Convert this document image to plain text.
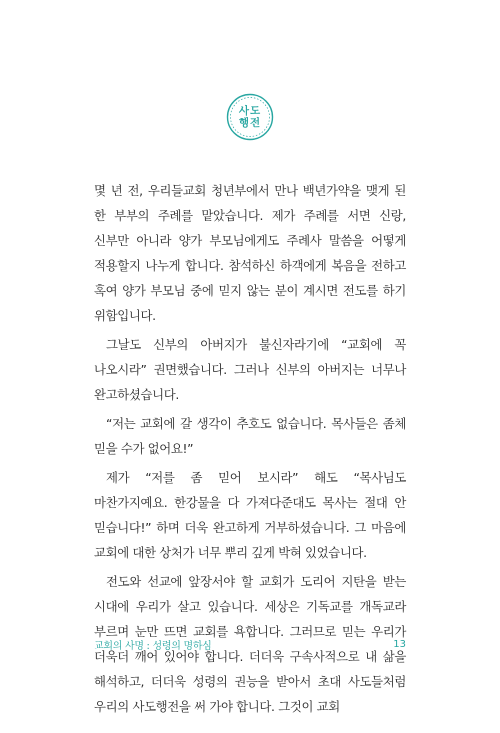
사도
행전

몇 년 전, 우리들교회 청년부에서 만나 백년가약을 맺게 된 한 부부의 주례를 맡았습니다. 제가 주례를 서면 신랑, 신부만 아니라 양가 부모님에게도 주례사 말씀을 어떻게 적용할지 나누게 합니다. 참석하신 하객에게 복음을 전하고 혹여 양가 부모님 중에 믿지 않는 분이 계시면 전도를 하기 위함입니다.

그날도 신부의 아버지가 불신자라기에 “교회에 꼭 나오시라” 권면했습니다. 그러나 신부의 아버지는 너무나 완고하셨습니다.

“저는 교회에 갈 생각이 추호도 없습니다. 목사들은 좀체 믿을 수가 없어요!”

제가 “저를 좀 믿어 보시라” 해도 “목사님도 마찬가지예요. 한강물을 다 가져다준대도 목사는 절대 안 믿습니다!” 하며 더욱 완고하게 거부하셨습니다. 그 마음에 교회에 대한 상처가 너무 뿌리 깊게 박혀 있었습니다.

전도와 선교에 앞장서야 할 교회가 도리어 지탄을 받는 시대에 우리가 살고 있습니다. 세상은 기독교를 개독교라 부르며 눈만 뜨면 교회를 욕합니다. 그러므로 믿는 우리가 더욱더 깨어 있어야 합니다. 더더욱 구속사적으로 내 삶을 해석하고, 더더욱 성령의 권능을 받아서 초대 사도들처럼 우리의 사도행전을 써 가야 합니다. 그것이 교회

교회의 사명 : 성령의 명하심	13
